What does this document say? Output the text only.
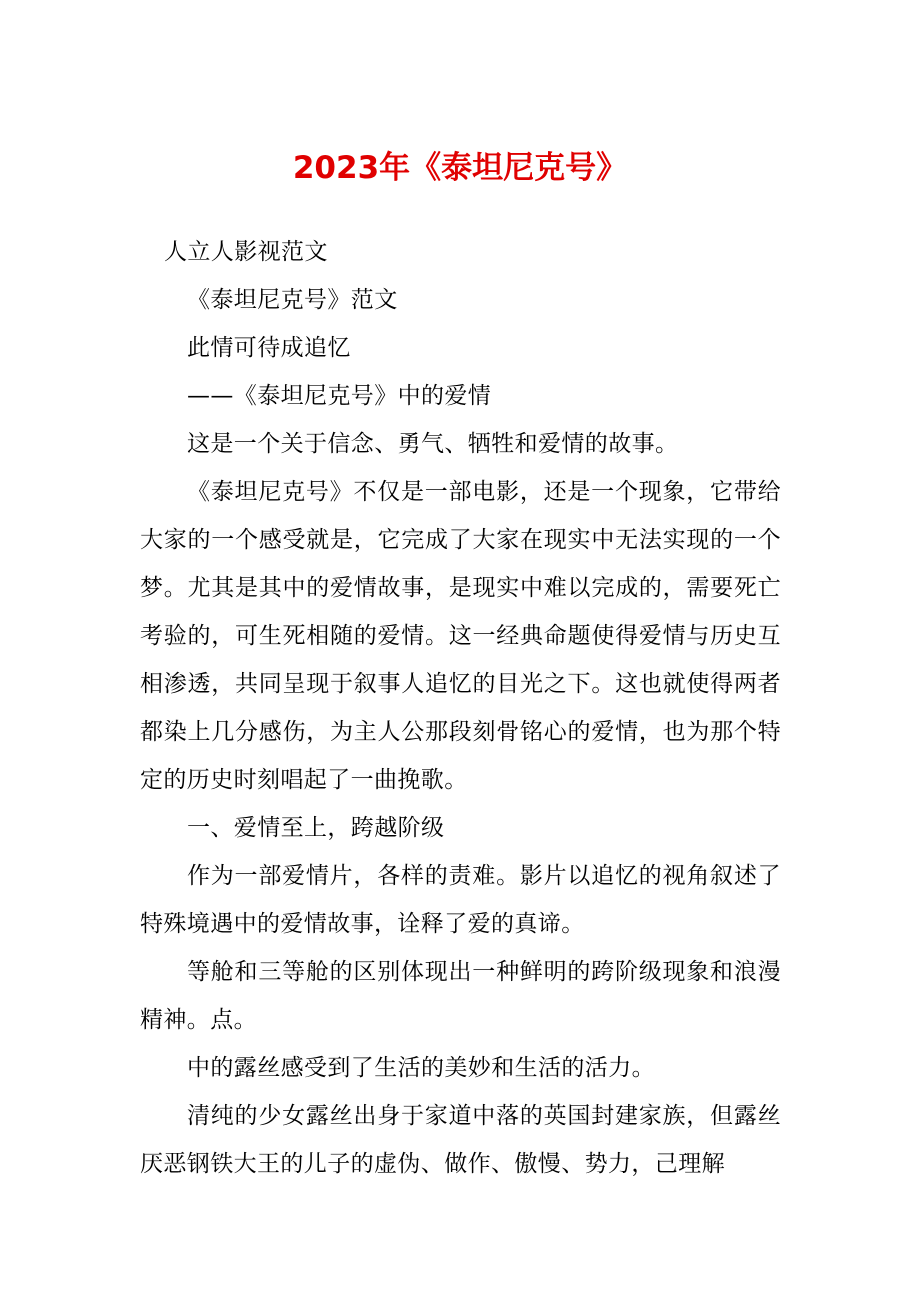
2023年《泰坦尼克号》

人立人影视范文

《泰坦尼克号》范文

此情可待成追忆

——《泰坦尼克号》中的爱情

这是一个关于信念、勇气、牺牲和爱情的故事。

《泰坦尼克号》不仅是一部电影，还是一个现象，它带给大家的一个感受就是，它完成了大家在现实中无法实现的一个梦。尤其是其中的爱情故事，是现实中难以完成的，需要死亡考验的，可生死相随的爱情。这一经典命题使得爱情与历史互相渗透，共同呈现于叙事人追忆的目光之下。这也就使得两者都染上几分感伤，为主人公那段刻骨铭心的爱情，也为那个特定的历史时刻唱起了一曲挽歌。

一、爱情至上，跨越阶级

作为一部爱情片，各样的责难。影片以追忆的视角叙述了特殊境遇中的爱情故事，诠释了爱的真谛。

等舱和三等舱的区别体现出一种鲜明的跨阶级现象和浪漫精神。点。

中的露丝感受到了生活的美妙和生活的活力。

清纯的少女露丝出身于家道中落的英国封建家族，但露丝厌恶钢铁大王的儿子的虚伪、做作、傲慢、势力，己理解
